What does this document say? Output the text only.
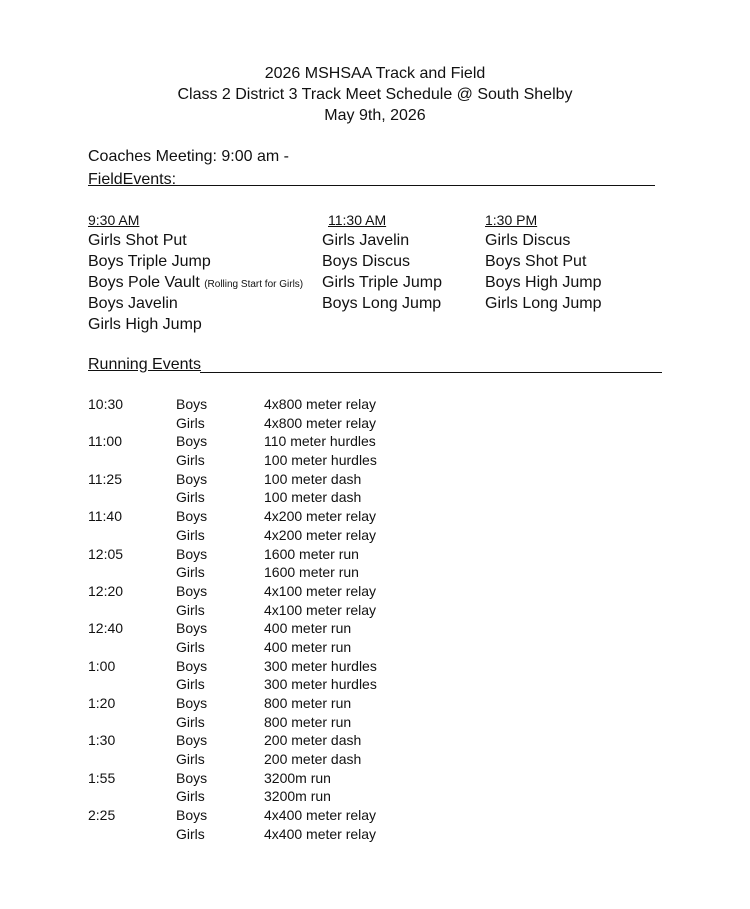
2026 MSHSAA Track and Field
Class 2 District 3 Track Meet Schedule @ South Shelby
May 9th, 2026
Coaches Meeting: 9:00 am -
FieldEvents:
9:30 AM
Girls Shot Put
Boys Triple Jump
Boys Pole Vault (Rolling Start for Girls)
Boys Javelin
Girls High Jump
11:30 AM
Girls Javelin
Boys Discus
Girls Triple Jump
Boys Long Jump
1:30 PM
Girls Discus
Boys Shot Put
Boys High Jump
Girls Long Jump
Running Events
10:30	Boys	4x800 meter relay
Girls	4x800 meter relay
11:00	Boys	110 meter hurdles
Girls	100 meter hurdles
11:25	Boys	100 meter dash
Girls	100 meter dash
11:40	Boys	4x200 meter relay
Girls	4x200 meter relay
12:05	Boys	1600 meter run
Girls	1600 meter run
12:20	Boys	4x100 meter relay
Girls	4x100 meter relay
12:40	Boys	400 meter run
Girls	400 meter run
1:00	Boys	300 meter hurdles
Girls	300 meter hurdles
1:20	Boys	800 meter run
Girls	800 meter run
1:30	Boys	200 meter dash
Girls	200 meter dash
1:55	Boys	3200m run
Girls	3200m run
2:25	Boys	4x400 meter relay
Girls	4x400 meter relay
